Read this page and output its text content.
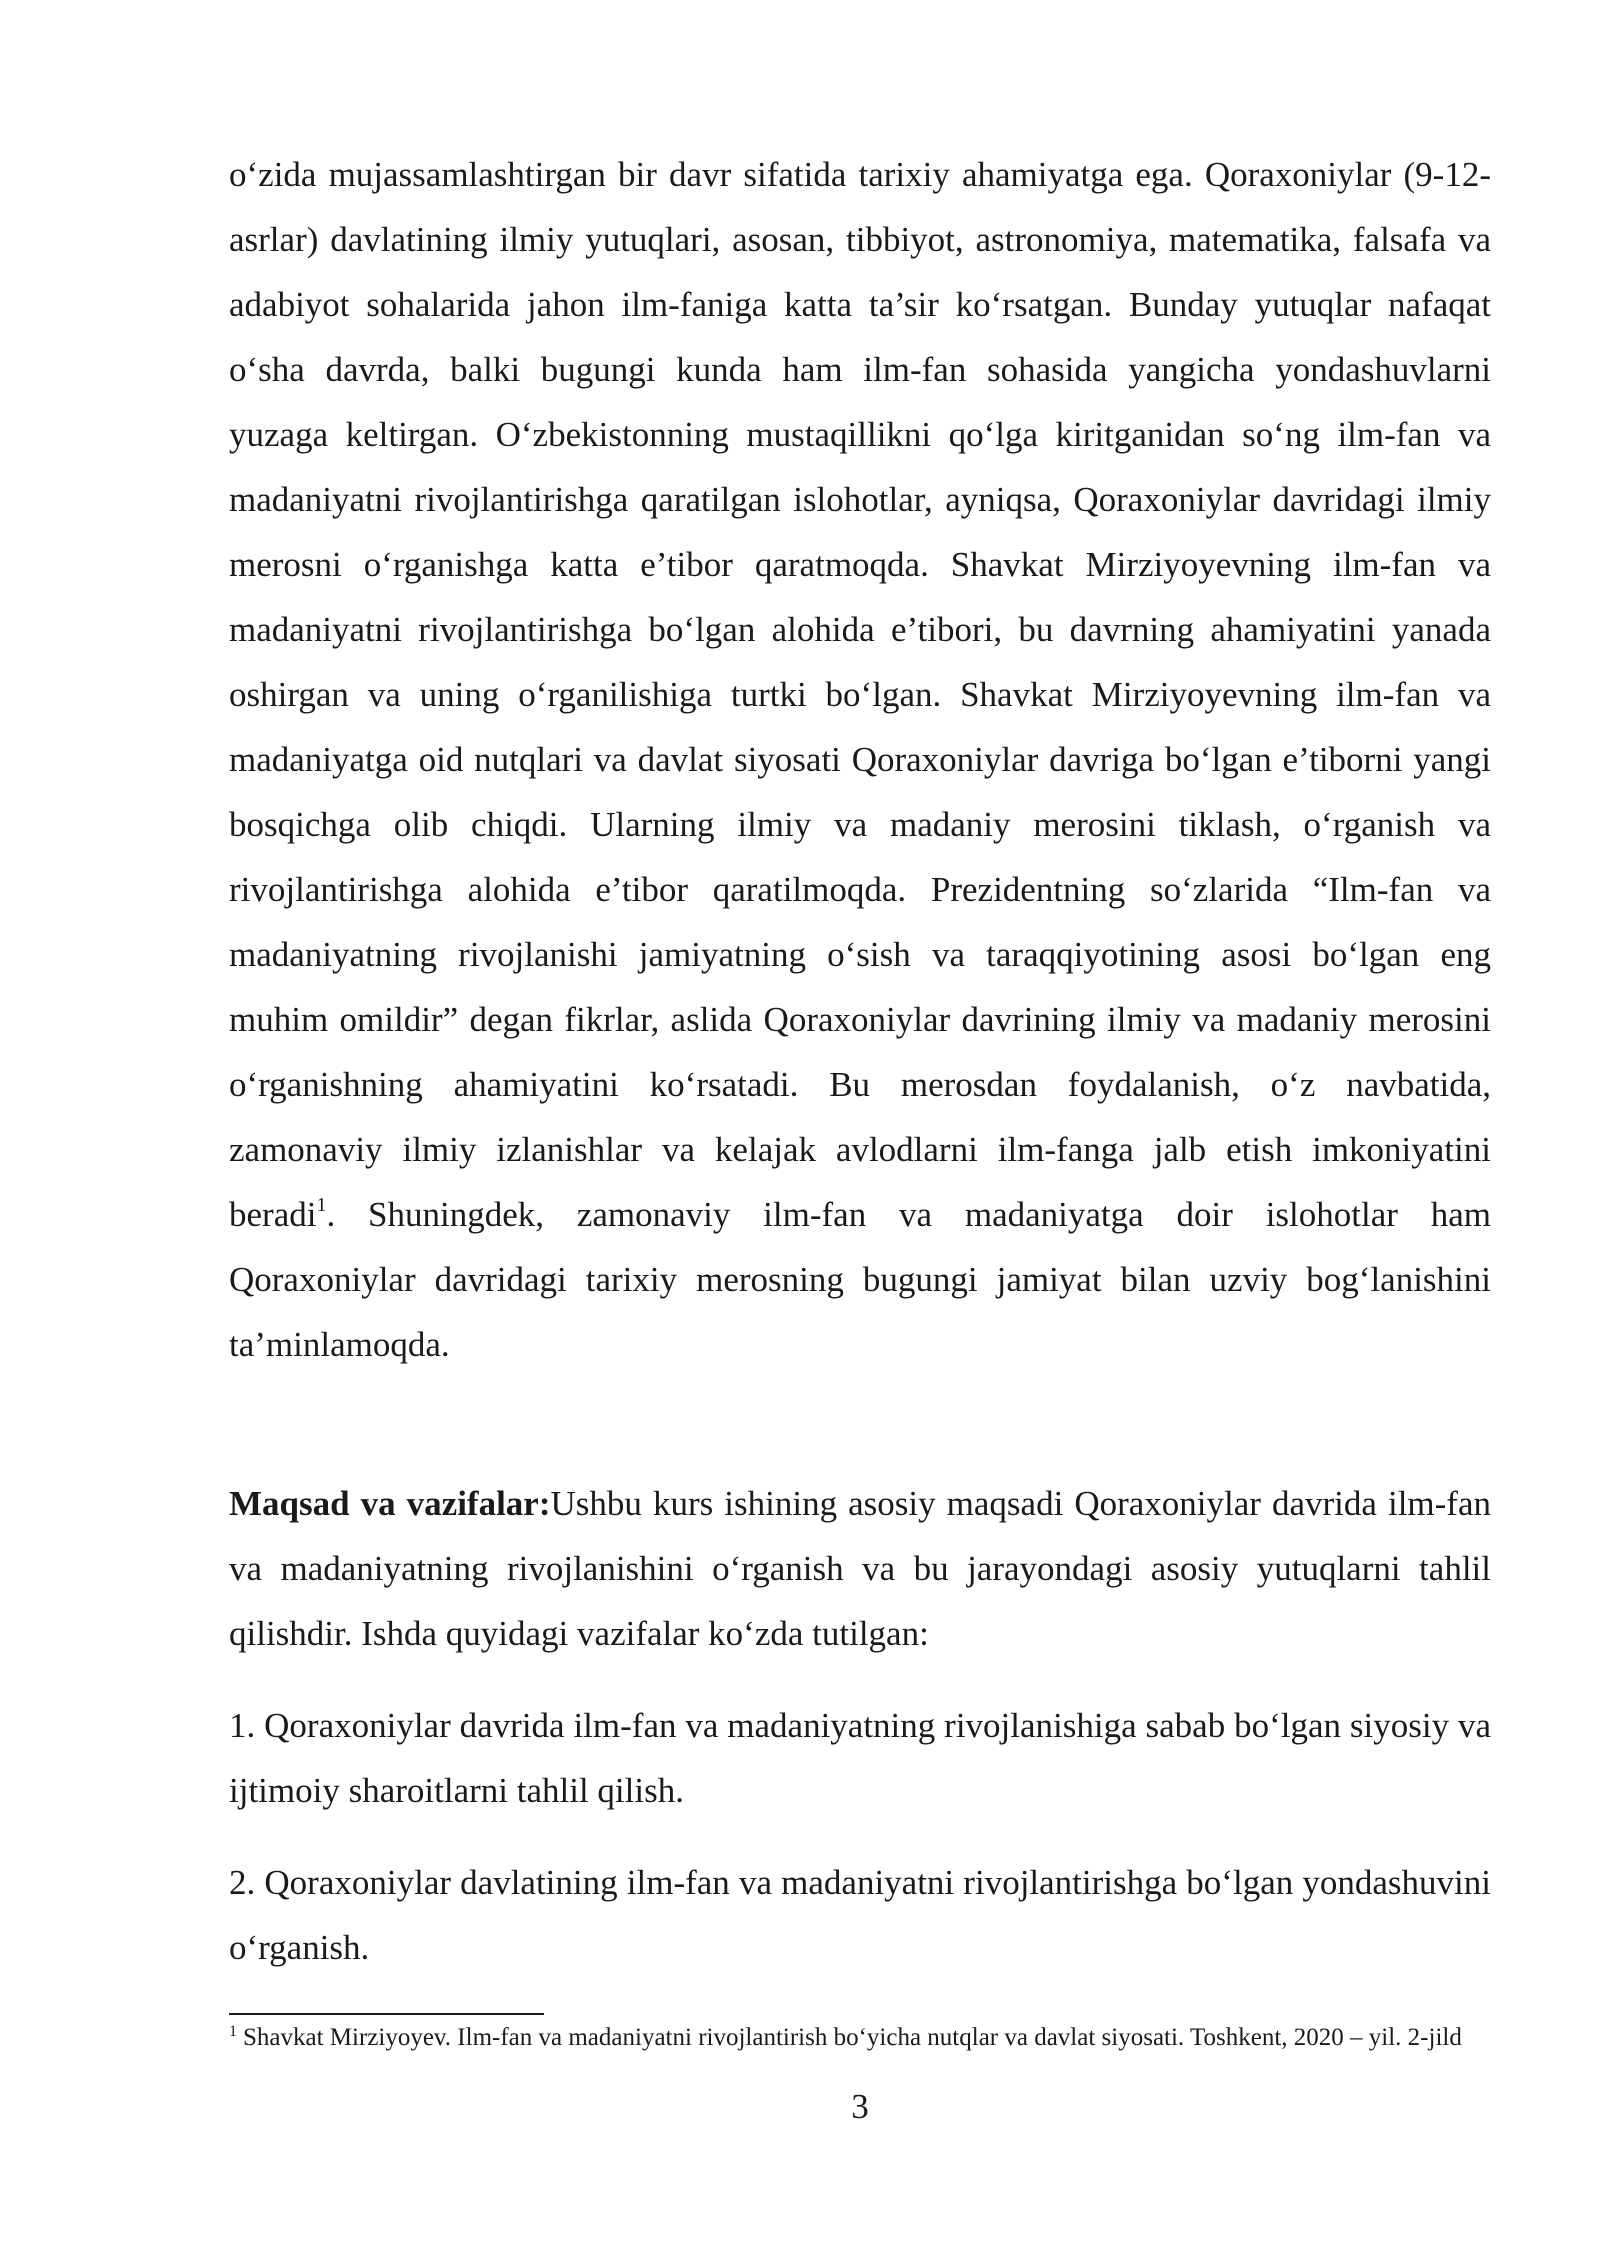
o‘zida mujassamlashtirgan bir davr sifatida tarixiy ahamiyatga ega. Qoraxoniylar (9-12-asrlar) davlatining ilmiy yutuqlari, asosan, tibbiyot, astronomiya, matematika, falsafa va adabiyot sohalarida jahon ilm-faniga katta ta’sir ko‘rsatgan. Bunday yutuqlar nafaqat o‘sha davrda, balki bugungi kunda ham ilm-fan sohasida yangicha yondashuvlarni yuzaga keltirgan. O‘zbekistonning mustaqillikni qo‘lga kiritganidan so‘ng ilm-fan va madaniyatni rivojlantirishga qaratilgan islohotlar, ayniqsa, Qoraxoniylar davridagi ilmiy merosni o‘rganishga katta e’tibor qaratmoqda. Shavkat Mirziyoyevning ilm-fan va madaniyatni rivojlantirishga bo‘lgan alohida e’tibori, bu davrning ahamiyatini yanada oshirgan va uning o‘rganilishiga turtki bo‘lgan. Shavkat Mirziyoyevning ilm-fan va madaniyatga oid nutqlari va davlat siyosati Qoraxoniylar davriga bo‘lgan e’tiborni yangi bosqichga olib chiqdi. Ularning ilmiy va madaniy merosini tiklash, o‘rganish va rivojlantirishga alohida e’tibor qaratilmoqda. Prezidentning so‘zlarida “Ilm-fan va madaniyatning rivojlanishi jamiyatning o‘sish va taraqqiyotining asosi bo‘lgan eng muhim omildir” degan fikrlar, aslida Qoraxoniylar davrining ilmiy va madaniy merosini o‘rganishning ahamiyatini ko‘rsatadi. Bu merosdan foydalanish, o‘z navbatida, zamonaviy ilmiy izlanishlar va kelajak avlodlarni ilm-fanga jalb etish imkoniyatini beradi$^1$. Shuningdek, zamonaviy ilm-fan va madaniyatga doir islohotlar ham Qoraxoniylar davridagi tarixiy merosning bugungi jamiyat bilan uzviy bog‘lanishini ta’minlamoqda.

Maqsad va vazifalar:Ushbu kurs ishining asosiy maqsadi Qoraxoniylar davrida ilm-fan va madaniyatning rivojlanishini o‘rganish va bu jarayondagi asosiy yutuqlarni tahlil qilishdir. Ishda quyidagi vazifalar ko‘zda tutilgan:

1. Qoraxoniylar davrida ilm-fan va madaniyatning rivojlanishiga sabab bo‘lgan siyosiy va ijtimoiy sharoitlarni tahlil qilish.

2. Qoraxoniylar davlatining ilm-fan va madaniyatni rivojlantirishga bo‘lgan yondashuvini o‘rganish.

$^1$ Shavkat Mirziyoyev. Ilm-fan va madaniyatni rivojlantirish bo‘yicha nutqlar va davlat siyosati. Toshkent, 2020 – yil. 2-jild

3
